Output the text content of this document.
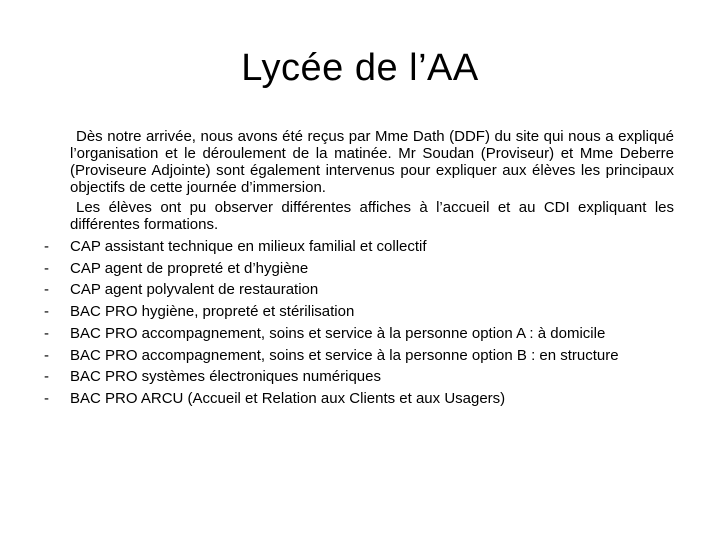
Lycée de l’AA

Dès notre arrivée, nous avons été reçus par Mme Dath (DDF) du site qui nous a expliqué l’organisation et le déroulement de la matinée. Mr Soudan (Proviseur) et Mme Deberre (Proviseure Adjointe) sont également intervenus pour expliquer aux élèves les principaux objectifs de cette journée d’immersion.

Les élèves ont pu observer différentes affiches à l’accueil et au CDI expliquant les différentes formations.

-	CAP assistant technique en milieux familial et collectif
-	CAP agent de propreté et d’hygiène
-	CAP agent polyvalent de restauration
-	BAC PRO hygiène, propreté et stérilisation
-	BAC PRO accompagnement, soins et service à la personne option A : à domicile
-	BAC PRO accompagnement, soins et service à la personne option B : en structure
-	BAC PRO systèmes électroniques numériques
-	BAC PRO ARCU (Accueil et Relation aux Clients et aux Usagers)
